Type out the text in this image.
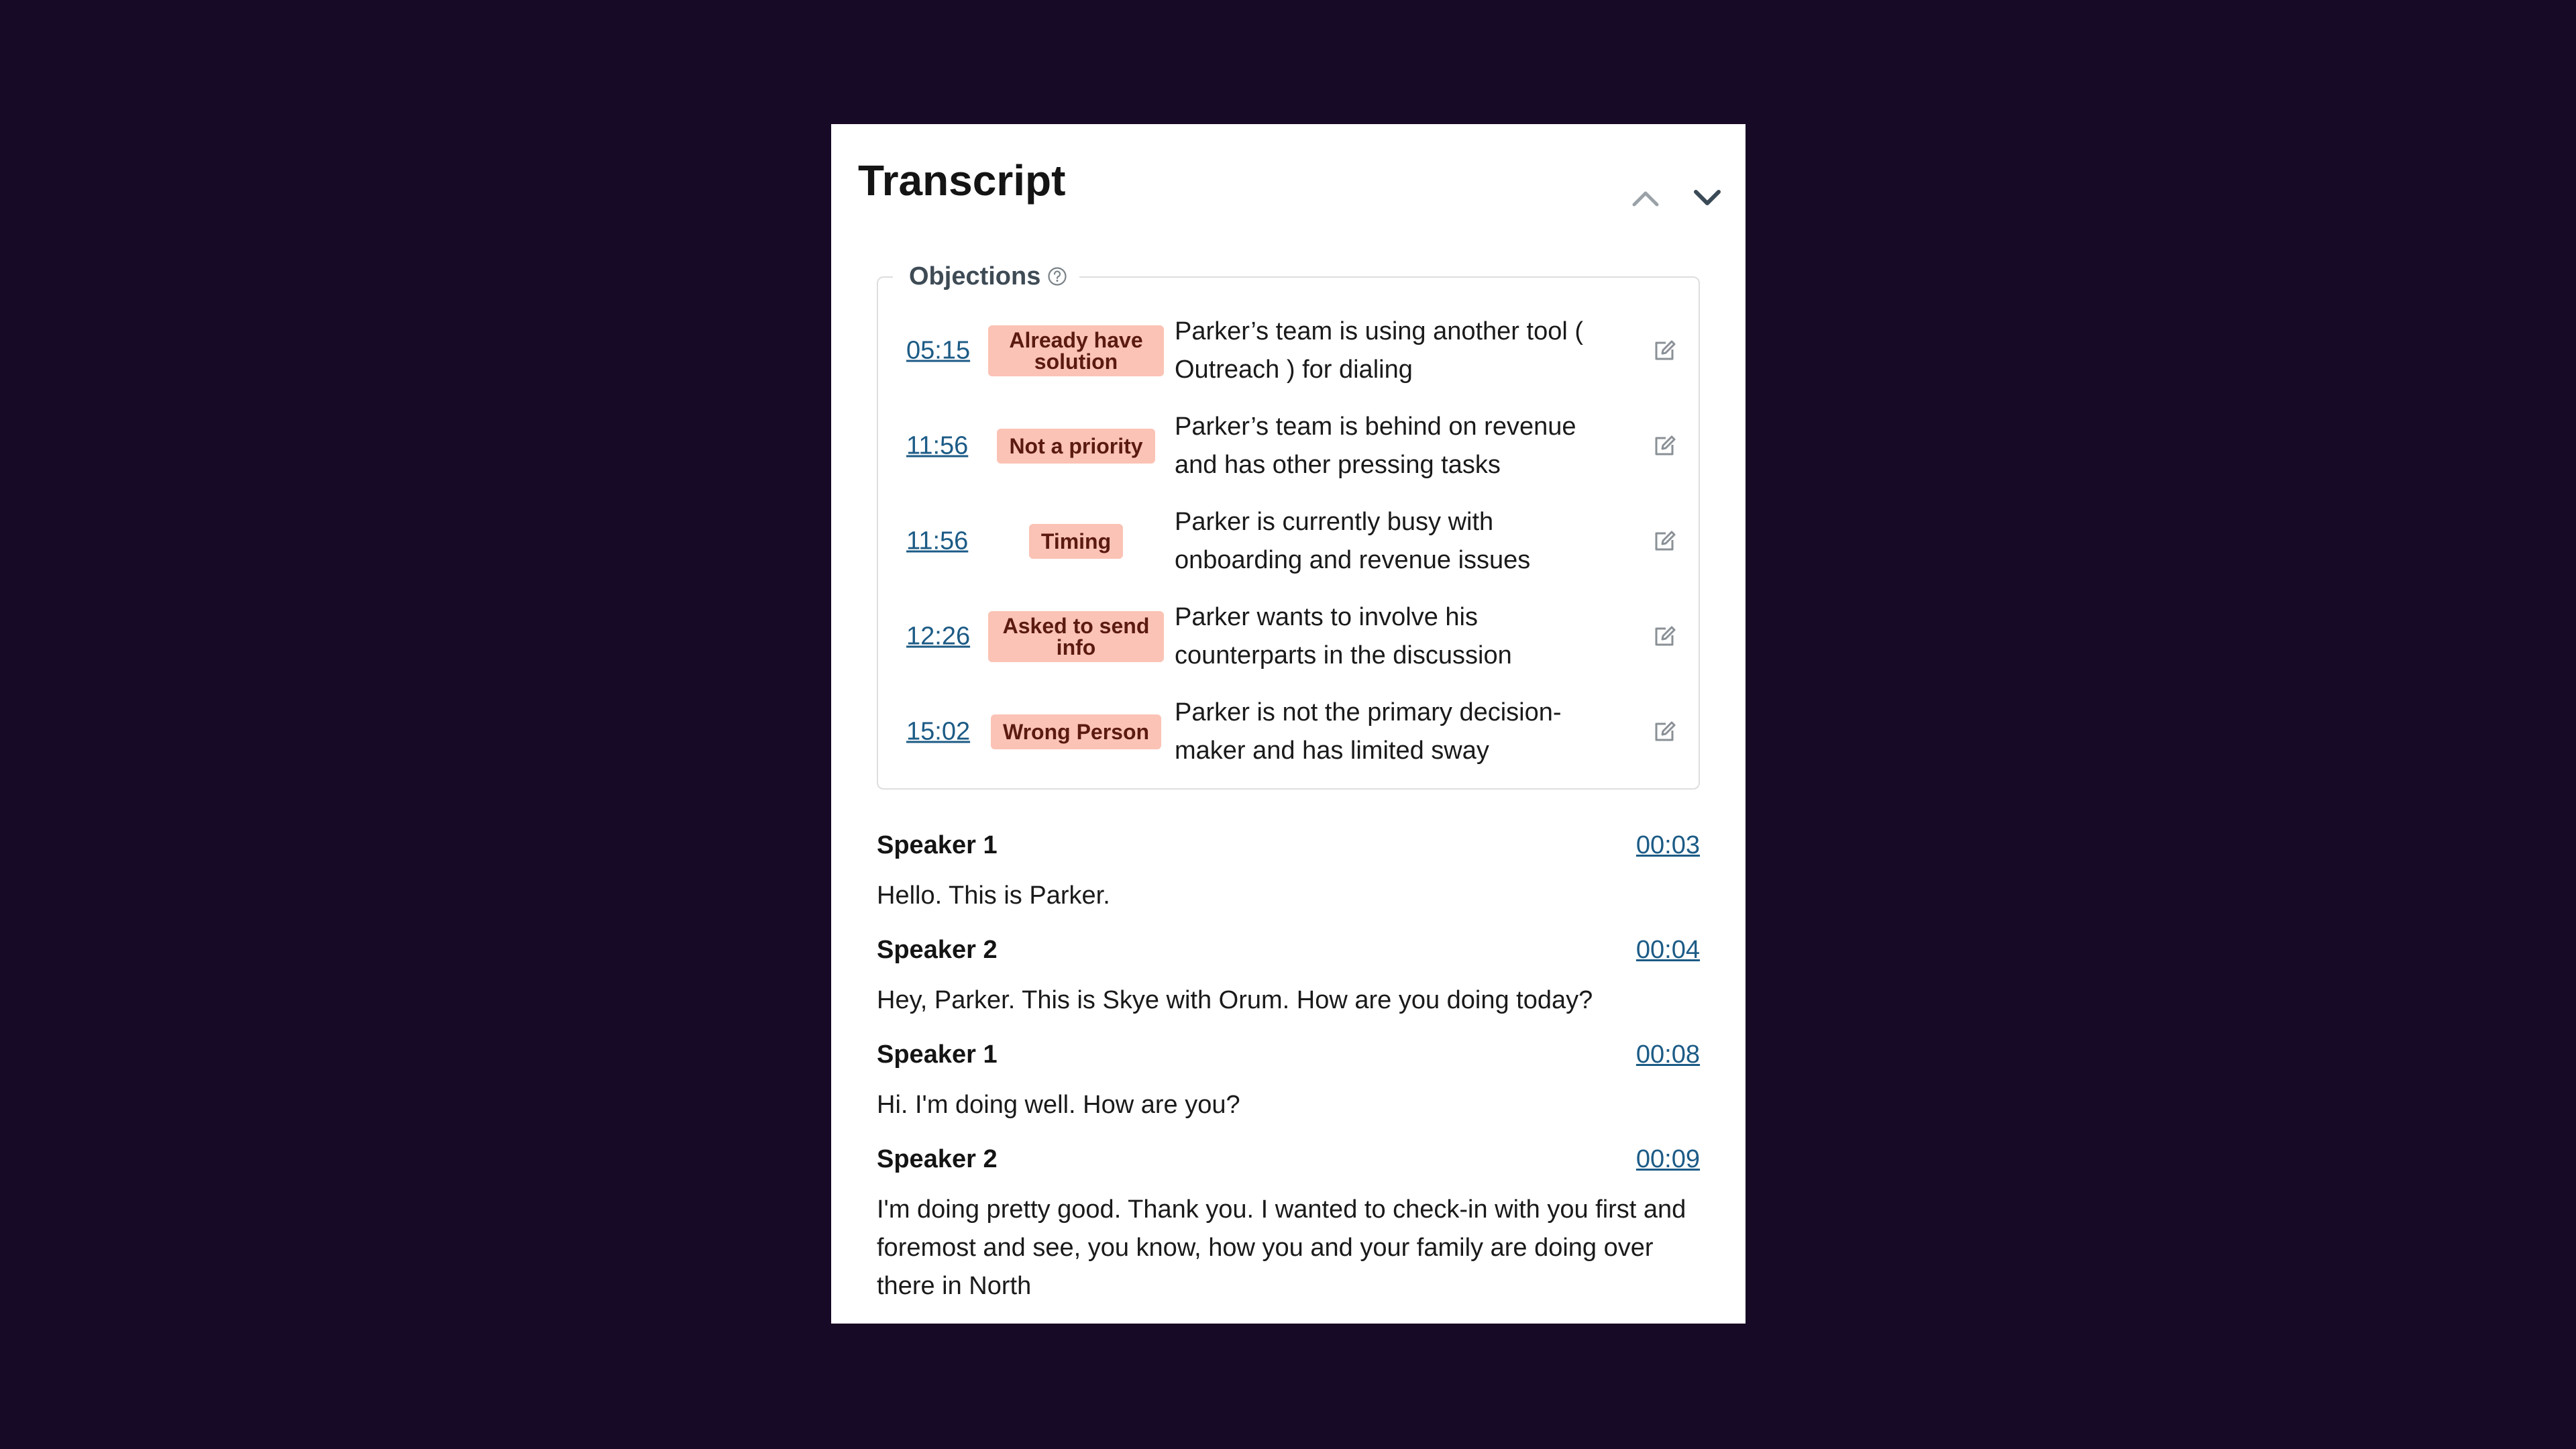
Transcript
Objections
05:15	Already have solution
Parker’s team is using another tool ( Outreach ) for dialing
11:56	Not a priority
Parker’s team is behind on revenue and has other pressing tasks
11:56	Timing
Parker is currently busy with onboarding and revenue issues
12:26	Asked to send info
Parker wants to involve his counterparts in the discussion
15:02	Wrong Person
Parker is not the primary decision-maker and has limited sway
Speaker 1	00:03
Hello. This is Parker.
Speaker 2	00:04
Hey, Parker. This is Skye with Orum. How are you doing today?
Speaker 1	00:08
Hi. I'm doing well. How are you?
Speaker 2	00:09
I'm doing pretty good. Thank you. I wanted to check-in with you first and foremost and see, you know, how you and your family are doing over there in North
